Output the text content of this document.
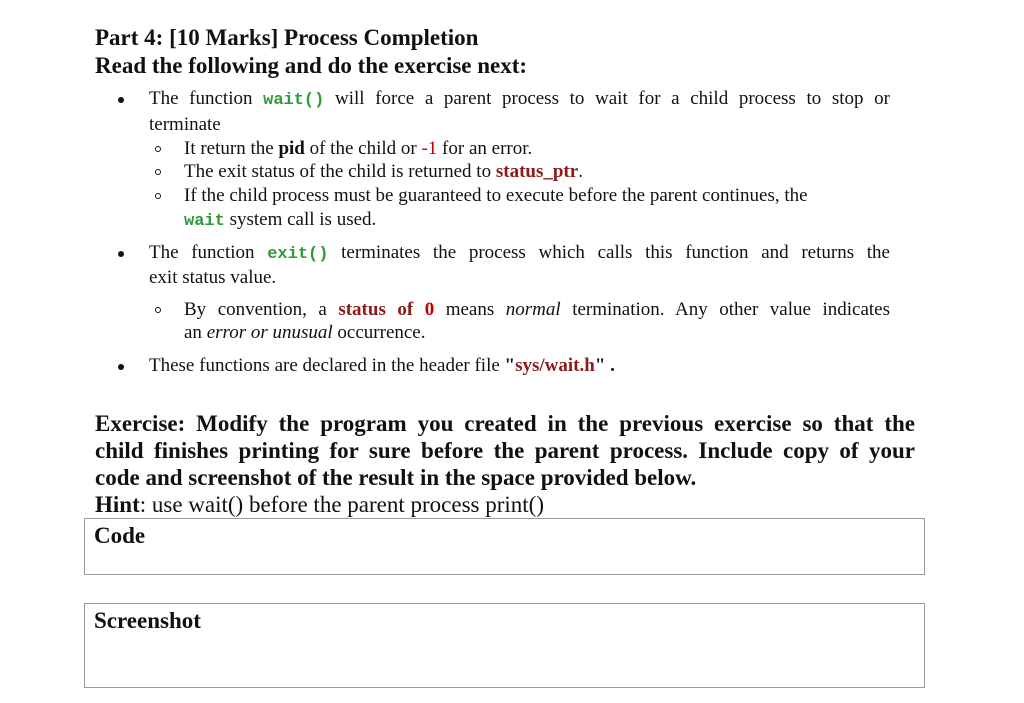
Part 4: [10 Marks] Process Completion
Read the following and do the exercise next:
The function wait() will force a parent process to wait for a child process to stop or
terminate
It return the pid of the child or -1 for an error.
The exit status of the child is returned to status_ptr.
If the child process must be guaranteed to execute before the parent continues, the
wait system call is used.
The function exit() terminates the process which calls this function and returns the
exit status value.
By convention, a status of 0 means normal termination. Any other value indicates
an error or unusual occurrence.
These functions are declared in the header file "sys/wait.h" .
Exercise: Modify the program you created in the previous exercise so that the
child finishes printing for sure before the parent process. Include copy of your
code and screenshot of the result in the space provided below.
Hint: use wait() before the parent process print()
Code
Screenshot
